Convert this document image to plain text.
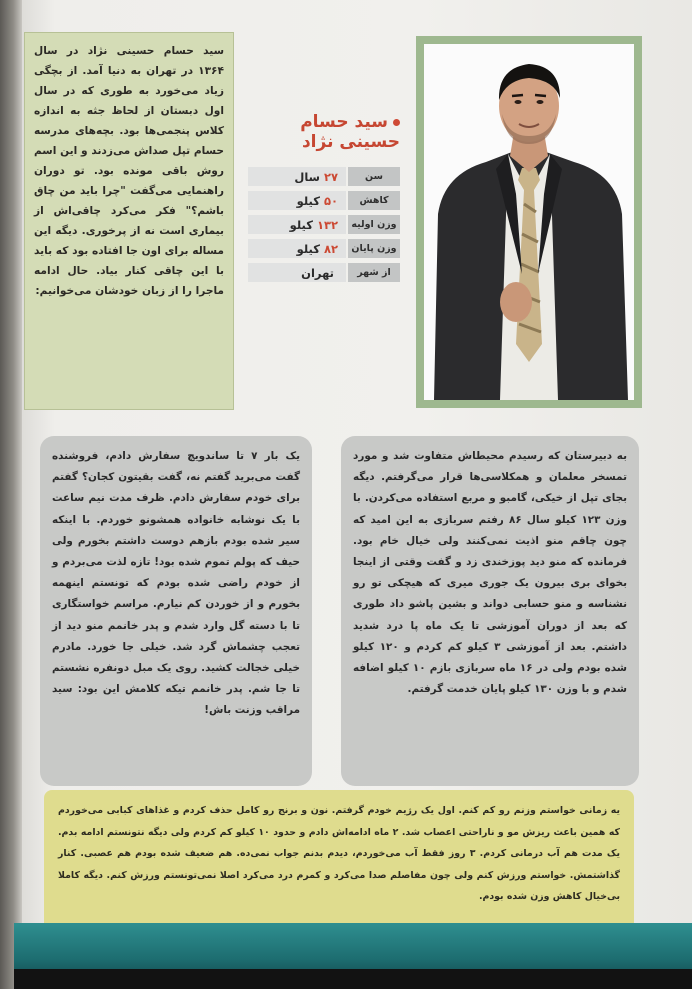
سید حسام حسینی نژاد در سال ۱۳۶۴ در تهران به دنیا آمد. از بچگی زیاد می‌خورد به طوری که در سال اول دبستان از لحاظ جثه به اندازه کلاس پنجمی‌ها بود. بچه‌های مدرسه حسام تپل صداش می‌زدند و این اسم روش باقی مونده بود. تو دوران راهنمایی می‌گفت "چرا باید من چاق باشم؟" فکر می‌کرد چاقی‌اش از بیماری است نه از پرخوری. دیگه این مساله برای اون جا افتاده بود که باید با این چاقی کنار بیاد. حال ادامه ماجرا را از زبان خودشان می‌خوانیم:

سید حسام
حسینی نژاد
سن
۲۷
سال
کاهش
۵۰
کیلو
وزن اولیه
۱۳۲
کیلو
وزن پایان
۸۲
کیلو
از شهر
تهران

به دبیرستان که رسیدم محیطاش متفاوت شد و مورد تمسخر معلمان و همکلاسی‌ها قرار می‌گرفتم. دیگه بجای تپل از خیکی، گامبو و مربع استفاده می‌کردن. با وزن ۱۲۳ کیلو سال ۸۶ رفتم سربازی به این امید که چون چاقم منو اذیت نمی‌کنند ولی خیال خام بود. فرمانده که منو دید پوزخندی زد و گفت وقتی از اینجا بخوای بری بیرون یک جوری میری که هیچکی تو رو نشناسه و منو حسابی دواند و بشین پاشو داد طوری که بعد از دوران آموزشی تا یک ماه پا درد شدید داشتم. بعد از آموزشی ۳ کیلو کم کردم و ۱۲۰ کیلو شده بودم ولی در ۱۶ ماه سربازی بازم ۱۰ کیلو اضافه شدم و با وزن ۱۳۰ کیلو پایان خدمت گرفتم.

یک بار ۷ تا ساندویچ سفارش دادم، فروشنده گفت می‌برید گفتم نه، گفت بقیتون کجان؟ گفتم برای خودم سفارش دادم. ظرف مدت نیم ساعت با یک نوشابه خانواده همشونو خوردم. با اینکه سیر شده بودم بازهم دوست داشتم بخورم ولی حیف که پولم تموم شده بود! تازه لذت می‌بردم و از خودم راضی شده بودم که تونستم اینهمه بخورم و از خوردن کم نیارم. مراسم خواستگاری تا با دسته گل وارد شدم و پدر خانمم منو دید از تعجب چشماش گرد شد. خیلی جا خورد. مادرم خیلی خجالت کشید. روی یک مبل دونفره نشستم تا جا شم. پدر خانمم تیکه کلامش این بود: سید مراقب وزنت باش!

یه زمانی خواستم وزنم رو کم کنم. اول یک رژیم خودم گرفتم. نون و برنج رو کامل حذف کردم و غذاهای کبابی می‌خوردم که همین باعث ریزش مو و ناراحتی اعصاب شد. ۲ ماه ادامه‌اش دادم و حدود ۱۰ کیلو کم کردم ولی دیگه نتونستم ادامه بدم. یک مدت هم آب درمانی کردم. ۳ روز فقط آب می‌خوردم، دیدم بدنم جواب نمی‌ده. هم ضعیف شده بودم هم عصبی. کنار گذاشتمش. خواستم ورزش کنم ولی چون مفاصلم صدا می‌کرد و کمرم درد می‌کرد اصلا نمی‌تونستم ورزش کنم. دیگه کاملا بی‌خیال کاهش وزن شده بودم.
